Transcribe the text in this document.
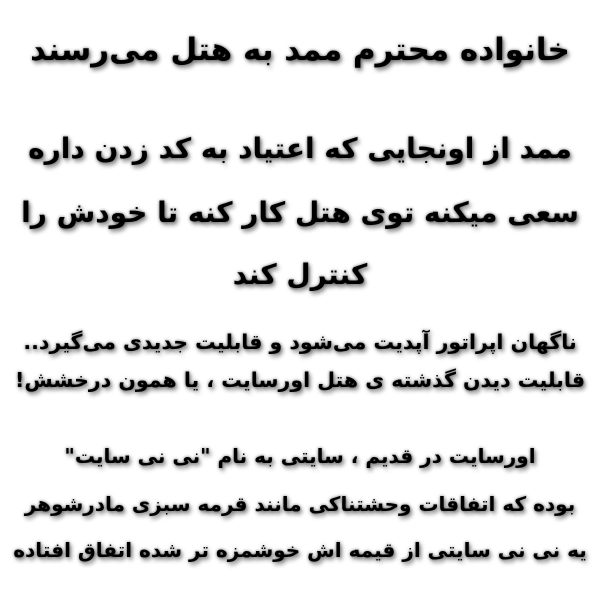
خانواده محترم ممد به هتل می‌رسند
ممد از اونجایی که اعتیاد به کد زدن داره
سعی میکنه توی هتل کار کنه تا خودش را
کنترل کند
ناگهان اپراتور آپدیت می‌شود و قابلیت جدیدی می‌گیرد..
قابلیت دیدن گذشته ی هتل اورسایت ، یا همون درخشش!
اورسایت در قدیم ، سایتی به نام "نی نی سایت"
بوده که اتفاقات وحشتناکی مانند قرمه سبزی مادرشوهر
یه نی نی سایتی از قیمه اش خوشمزه تر شده اتفاق افتاده
